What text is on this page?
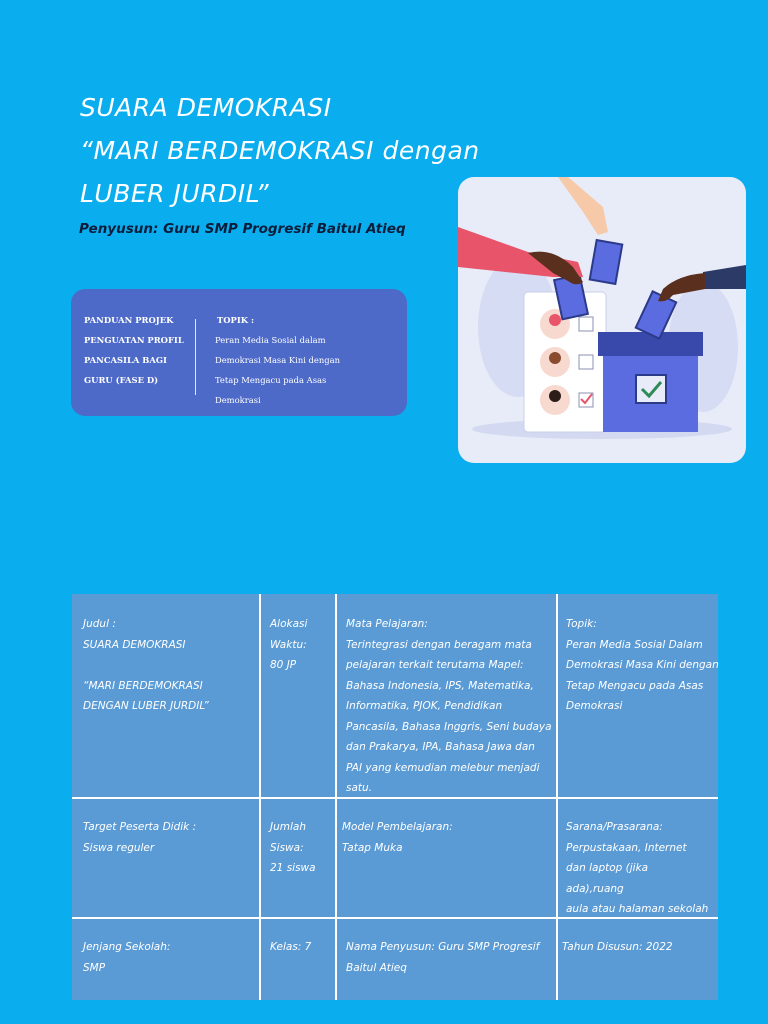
SUARA DEMOKRASI
“MARI BERDEMOKRASI dengan
LUBER JURDIL”
Penyusun: Guru SMP Progresif Baitul Atieq
PANDUAN PROJEK
PENGUATAN PROFIL
PANCASILA BAGI
GURU (FASE D)
TOPIK :
Peran Media Sosial dalam
Demokrasi Masa Kini dengan
Tetap Mengacu pada Asas
Demokrasi
Judul :
SUARA DEMOKRASI

“MARI BERDEMOKRASI
DENGAN LUBER JURDIL”
Alokasi
Waktu:
80 JP
Mata Pelajaran:
Terintegrasi dengan beragam mata
pelajaran terkait terutama Mapel:
Bahasa Indonesia, IPS, Matematika,
Informatika, PJOK, Pendidikan
Pancasila, Bahasa Inggris, Seni budaya
dan Prakarya, IPA, Bahasa Jawa dan
PAI yang kemudian melebur menjadi
satu.
Topik:
Peran Media Sosial Dalam
Demokrasi Masa Kini dengan
Tetap Mengacu pada Asas
Demokrasi
Target Peserta Didik :
Siswa reguler
Jumlah
Siswa:
21 siswa
Model Pembelajaran:
Tatap Muka
Sarana/Prasarana:
Perpustakaan, Internet
dan laptop (jika
ada),ruang
aula atau halaman sekolah
Jenjang Sekolah:
SMP
Kelas: 7	Nama Penyusun: Guru SMP Progresif
Baitul Atieq
Tahun Disusun: 2022
